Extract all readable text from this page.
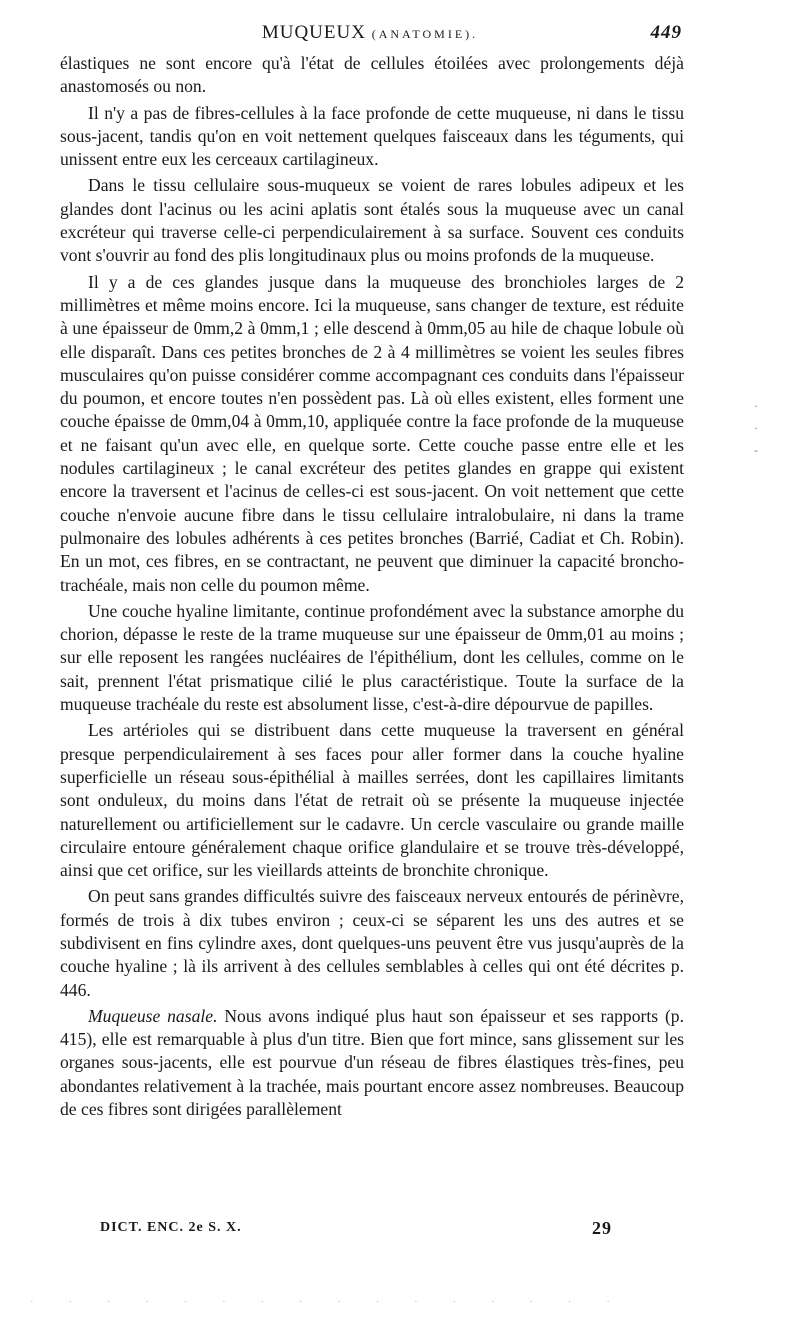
MUQUEUX (ANATOMIE).	449

élastiques ne sont encore qu'à l'état de cellules étoilées avec prolongements déjà anastomosés ou non.

Il n'y a pas de fibres-cellules à la face profonde de cette muqueuse, ni dans le tissu sous-jacent, tandis qu'on en voit nettement quelques faisceaux dans les téguments, qui unissent entre eux les cerceaux cartilagineux.

Dans le tissu cellulaire sous-muqueux se voient de rares lobules adipeux et les glandes dont l'acinus ou les acini aplatis sont étalés sous la muqueuse avec un canal excréteur qui traverse celle-ci perpendiculairement à sa surface. Souvent ces conduits vont s'ouvrir au fond des plis longitudinaux plus ou moins profonds de la muqueuse.

Il y a de ces glandes jusque dans la muqueuse des bronchioles larges de 2 millimètres et même moins encore. Ici la muqueuse, sans changer de texture, est réduite à une épaisseur de 0mm,2 à 0mm,1 ; elle descend à 0mm,05 au hile de chaque lobule où elle disparaît. Dans ces petites bronches de 2 à 4 millimètres se voient les seules fibres musculaires qu'on puisse considérer comme accompagnant ces conduits dans l'épaisseur du poumon, et encore toutes n'en possèdent pas. Là où elles existent, elles forment une couche épaisse de 0mm,04 à 0mm,10, appliquée contre la face profonde de la muqueuse et ne faisant qu'un avec elle, en quelque sorte. Cette couche passe entre elle et les nodules cartilagineux ; le canal excréteur des petites glandes en grappe qui existent encore la traversent et l'acinus de celles-ci est sous-jacent. On voit nettement que cette couche n'envoie aucune fibre dans le tissu cellulaire intralobulaire, ni dans la trame pulmonaire des lobules adhérents à ces petites bronches (Barrié, Cadiat et Ch. Robin). En un mot, ces fibres, en se contractant, ne peuvent que diminuer la capacité broncho-trachéale, mais non celle du poumon même.

Une couche hyaline limitante, continue profondément avec la substance amorphe du chorion, dépasse le reste de la trame muqueuse sur une épaisseur de 0mm,01 au moins ; sur elle reposent les rangées nucléaires de l'épithélium, dont les cellules, comme on le sait, prennent l'état prismatique cilié le plus caractéristique. Toute la surface de la muqueuse trachéale du reste est absolument lisse, c'est-à-dire dépourvue de papilles.

Les artérioles qui se distribuent dans cette muqueuse la traversent en général presque perpendiculairement à ses faces pour aller former dans la couche hyaline superficielle un réseau sous-épithélial à mailles serrées, dont les capillaires limitants sont onduleux, du moins dans l'état de retrait où se présente la muqueuse injectée naturellement ou artificiellement sur le cadavre. Un cercle vasculaire ou grande maille circulaire entoure généralement chaque orifice glandulaire et se trouve très-développé, ainsi que cet orifice, sur les vieillards atteints de bronchite chronique.

On peut sans grandes difficultés suivre des faisceaux nerveux entourés de périnèvre, formés de trois à dix tubes environ ; ceux-ci se séparent les uns des autres et se subdivisent en fins cylindre axes, dont quelques-uns peuvent être vus jusqu'auprès de la couche hyaline ; là ils arrivent à des cellules semblables à celles qui ont été décrites p. 446.

Muqueuse nasale. Nous avons indiqué plus haut son épaisseur et ses rapports (p. 415), elle est remarquable à plus d'un titre. Bien que fort mince, sans glissement sur les organes sous-jacents, elle est pourvue d'un réseau de fibres élastiques très-fines, peu abondantes relativement à la trachée, mais pourtant encore assez nombreuses. Beaucoup de ces fibres sont dirigées parallèlement

·
·
-
DICT. ENC. 2e S. X.	29
· · · · · · · · · · · · · · · ·
